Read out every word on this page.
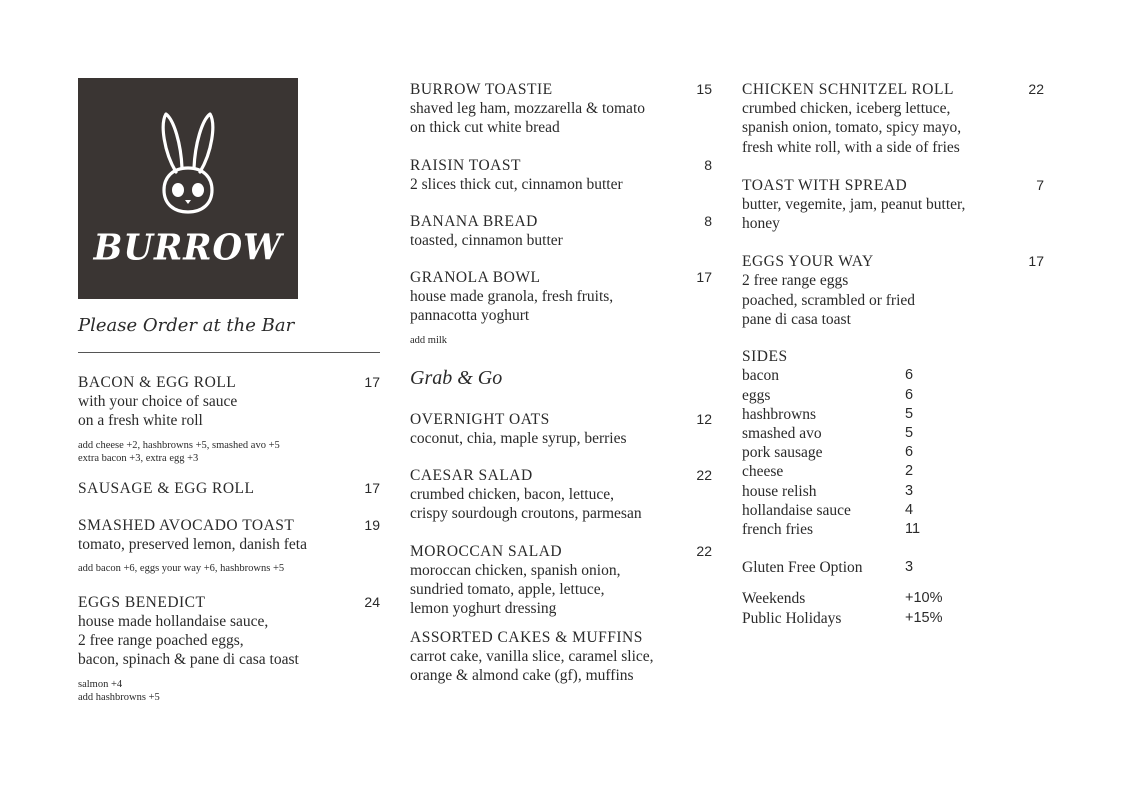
BURROW
Please Order at the Bar
BACON & EGG ROLL	17
with your choice of sauce
on a fresh white roll
add cheese +2, hashbrowns +5, smashed avo +5
extra bacon +3, extra egg +3
SAUSAGE & EGG ROLL	17
SMASHED AVOCADO TOAST	19
tomato, preserved lemon, danish feta
add bacon +6, eggs your way +6, hashbrowns +5
EGGS BENEDICT	24
house made hollandaise sauce,
2 free range poached eggs,
bacon, spinach & pane di casa toast
salmon +4
add hashbrowns +5
BURROW TOASTIE	15
shaved leg ham, mozzarella & tomato
on thick cut white bread
RAISIN TOAST	8
2 slices thick cut, cinnamon butter
BANANA BREAD	8
toasted, cinnamon butter
GRANOLA BOWL	17
house made granola, fresh fruits,
pannacotta yoghurt
add milk
Grab & Go
OVERNIGHT OATS	12
coconut, chia, maple syrup, berries
CAESAR SALAD	22
crumbed chicken, bacon, lettuce,
crispy sourdough croutons, parmesan
MOROCCAN SALAD	22
moroccan chicken, spanish onion,
sundried tomato, apple, lettuce,
lemon yoghurt dressing
ASSORTED CAKES & MUFFINS
carrot cake, vanilla slice, caramel slice,
orange & almond cake (gf), muffins
CHICKEN SCHNITZEL ROLL	22
crumbed chicken, iceberg lettuce,
spanish onion, tomato, spicy mayo,
fresh white roll, with a side of fries
TOAST WITH SPREAD	7
butter, vegemite, jam, peanut butter,
honey
EGGS YOUR WAY	17
2 free range eggs
poached, scrambled or fried
pane di casa toast
SIDES
bacon	6
eggs	6
hashbrowns	5
smashed avo	5
pork sausage	6
cheese	2
house relish	3
hollandaise sauce	4
french fries	11
Gluten Free Option	3
Weekends	+10%
Public Holidays	+15%
